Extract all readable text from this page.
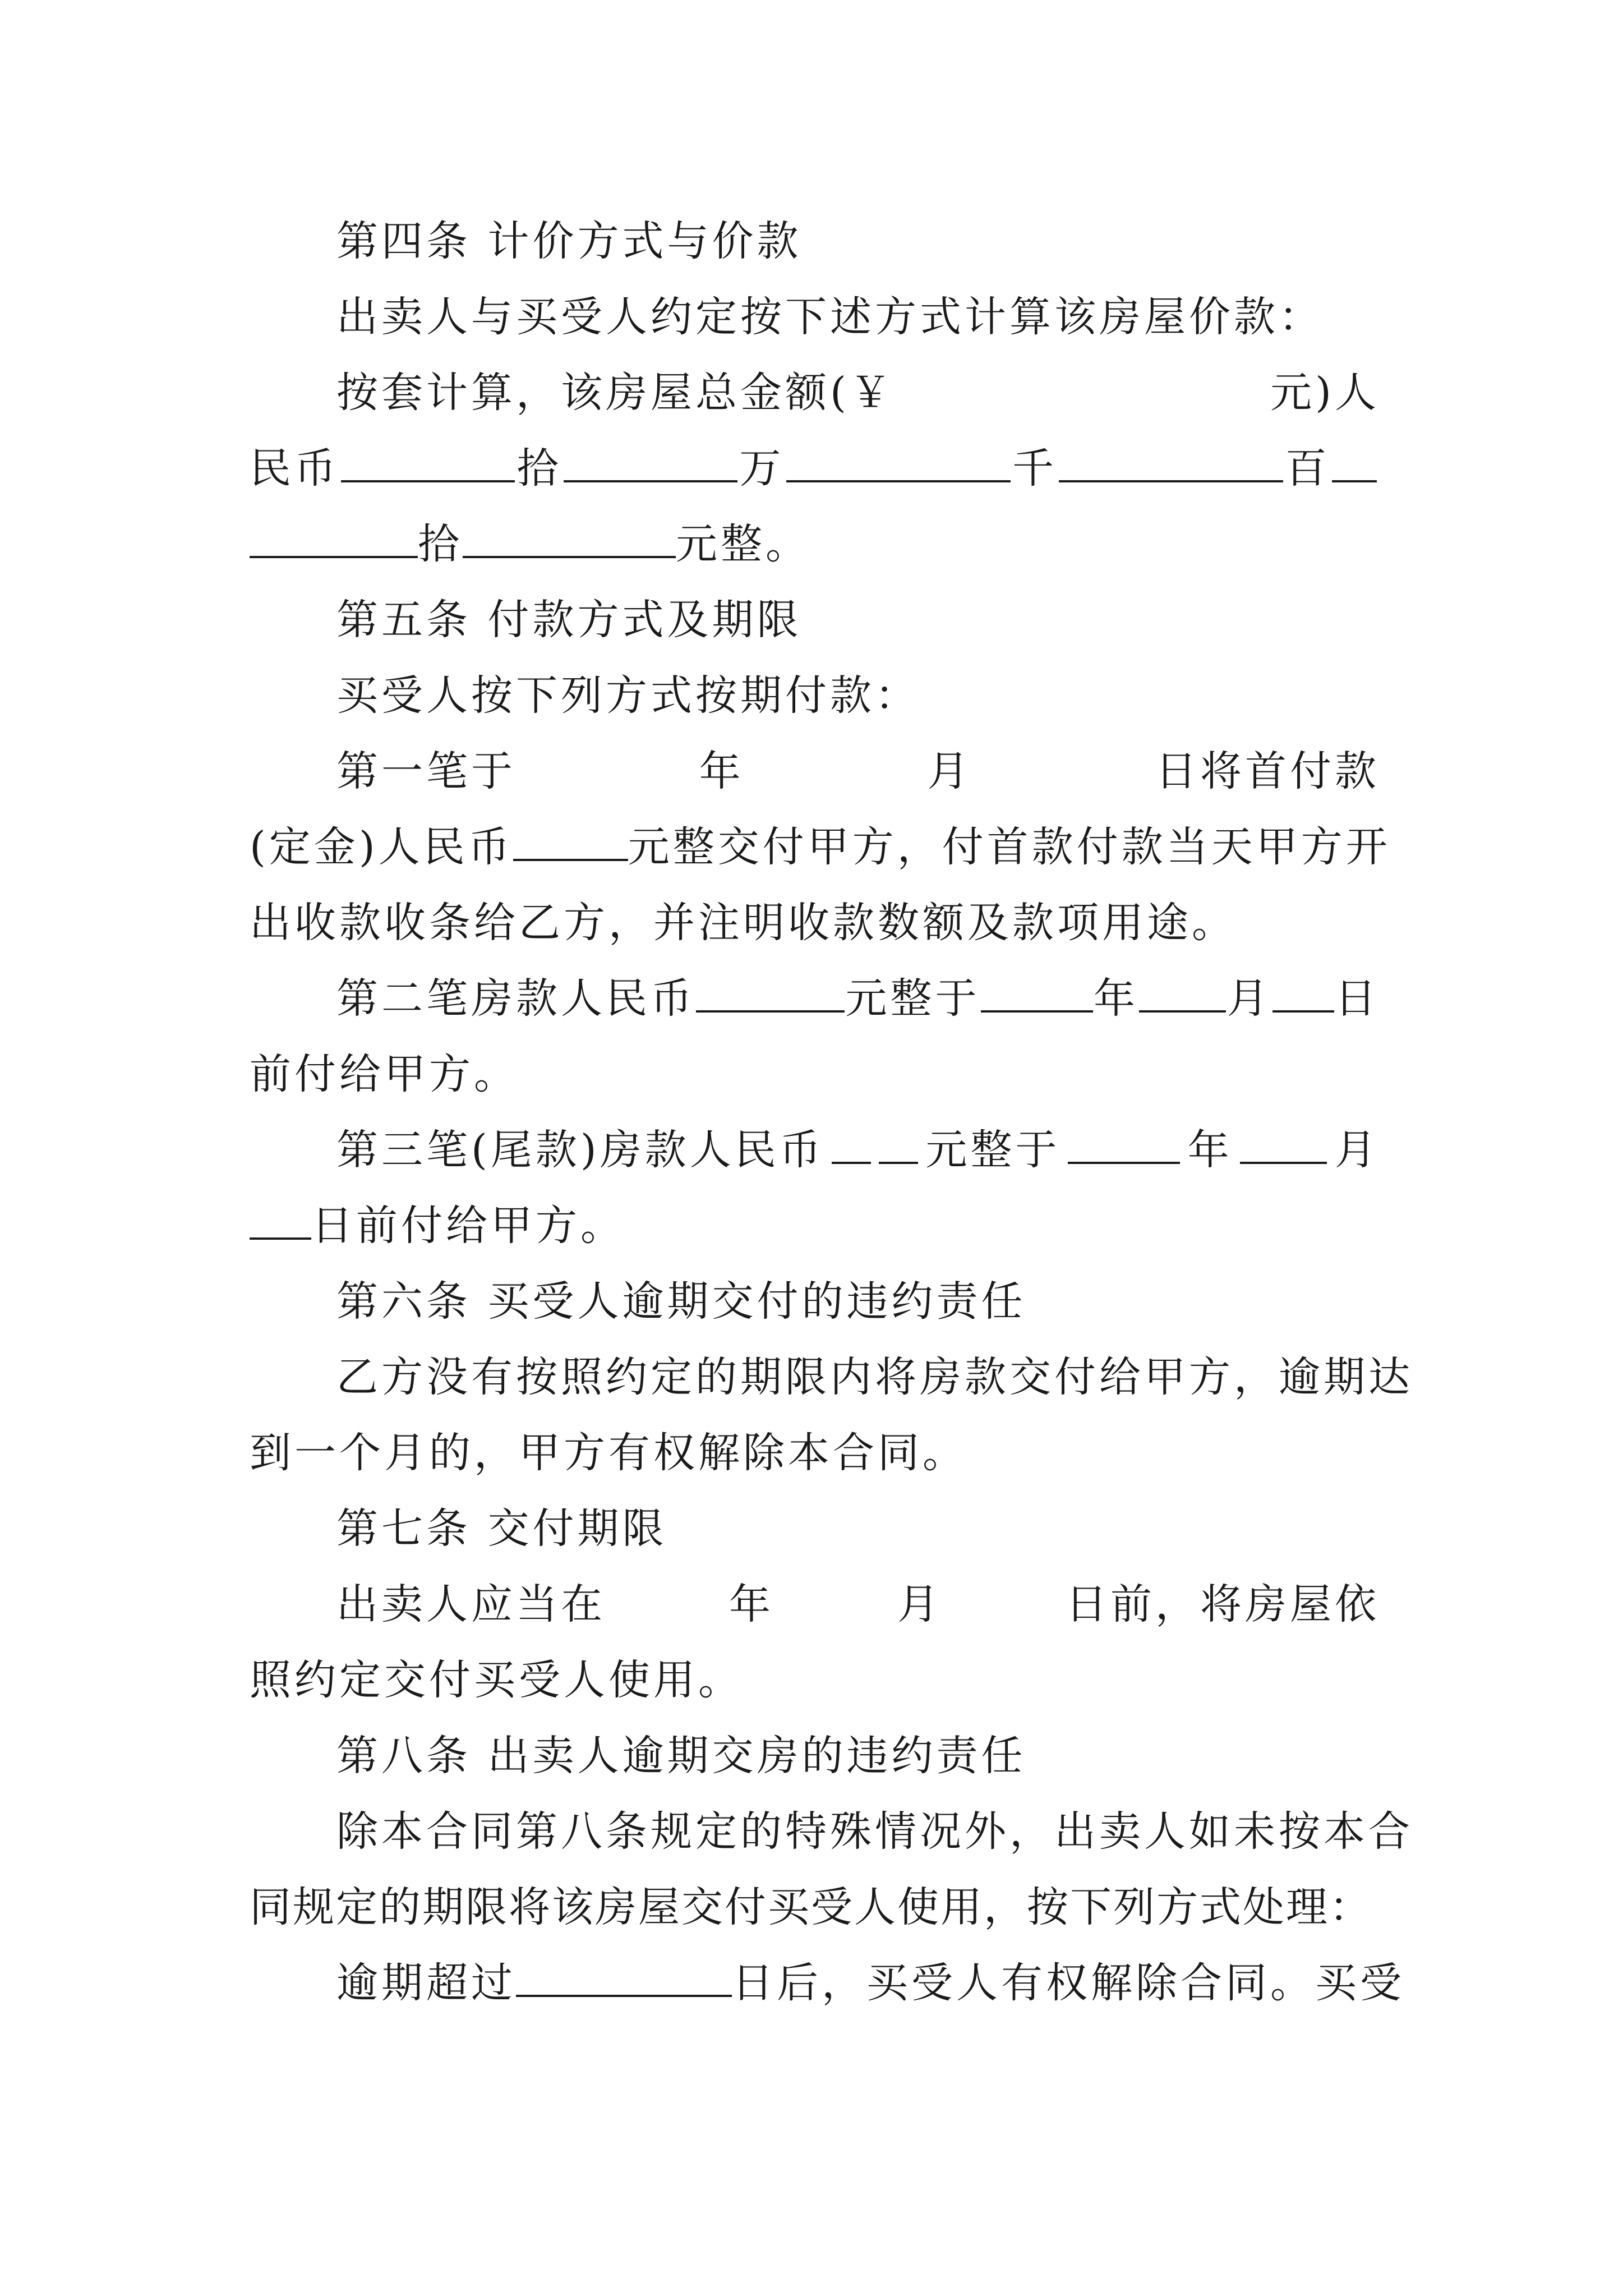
第四条 计价方式与价款
出卖人与买受人约定按下述方式计算该房屋价款：
按套计算，该房屋总金额(￥	元)人
民币	拾	万	千	百
拾	元整。
第五条 付款方式及期限
买受人按下列方式按期付款：
第一笔于	年	月	日将首付款
(定金)人民币	元整交付甲方，付首款付款当天甲方开
出收款收条给乙方，并注明收款数额及款项用途。
第二笔房款人民币	元整于	年 月 日
前付给甲方。
第三笔(尾款)房款人民币 元整于	年 月
日前付给甲方。
第六条 买受人逾期交付的违约责任
乙方没有按照约定的期限内将房款交付给甲方，逾期达
到一个月的，甲方有权解除本合同。
第七条 交付期限
出卖人应当在	年	月	日前，将房屋依
照约定交付买受人使用。
第八条 出卖人逾期交房的违约责任
除本合同第八条规定的特殊情况外，出卖人如未按本合
同规定的期限将该房屋交付买受人使用，按下列方式处理：
逾期超过	日后，买受人有权解除合同。买受
